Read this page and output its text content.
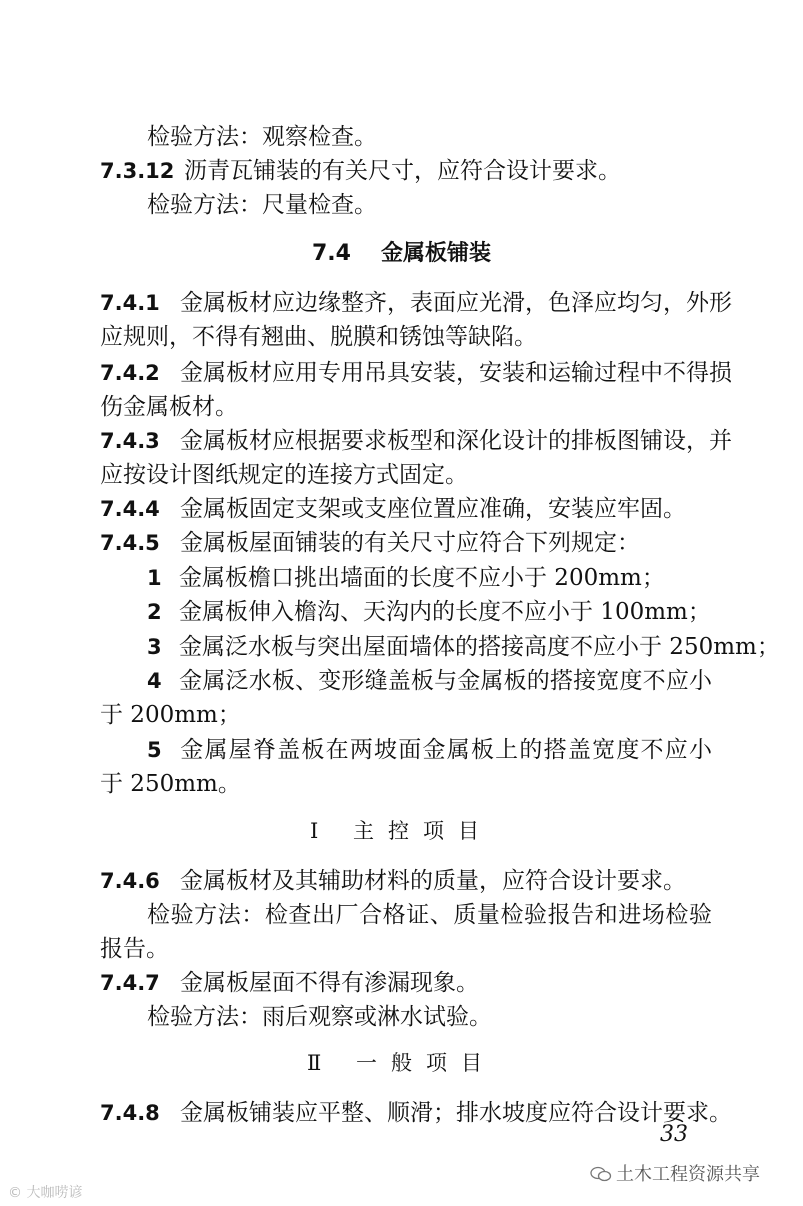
检验方法：观察检查。
7.3.12 沥青瓦铺装的有关尺寸，应符合设计要求。
检验方法：尺量检查。
7.4 金属板铺装
7.4.1 金属板材应边缘整齐，表面应光滑，色泽应均匀，外形
应规则，不得有翘曲、脱膜和锈蚀等缺陷。
7.4.2 金属板材应用专用吊具安装，安装和运输过程中不得损
伤金属板材。
7.4.3 金属板材应根据要求板型和深化设计的排板图铺设，并
应按设计图纸规定的连接方式固定。
7.4.4 金属板固定支架或支座位置应准确，安装应牢固。
7.4.5 金属板屋面铺装的有关尺寸应符合下列规定：
1 金属板檐口挑出墙面的长度不应小于 200mm；
2 金属板伸入檐沟、天沟内的长度不应小于 100mm；
3 金属泛水板与突出屋面墙体的搭接高度不应小于 250mm；
4 金属泛水板、变形缝盖板与金属板的搭接宽度不应小
于 200mm；
5 金属屋脊盖板在两坡面金属板上的搭盖宽度不应小
于 250mm。
Ⅰ 主控项目
7.4.6 金属板材及其辅助材料的质量，应符合设计要求。
检验方法：检查出厂合格证、质量检验报告和进场检验
报告。
7.4.7 金属板屋面不得有渗漏现象。
检验方法：雨后观察或淋水试验。
Ⅱ 一般项目
7.4.8 金属板铺装应平整、顺滑；排水坡度应符合设计要求。
33
土木工程资源共享
© 大咖唠谚
